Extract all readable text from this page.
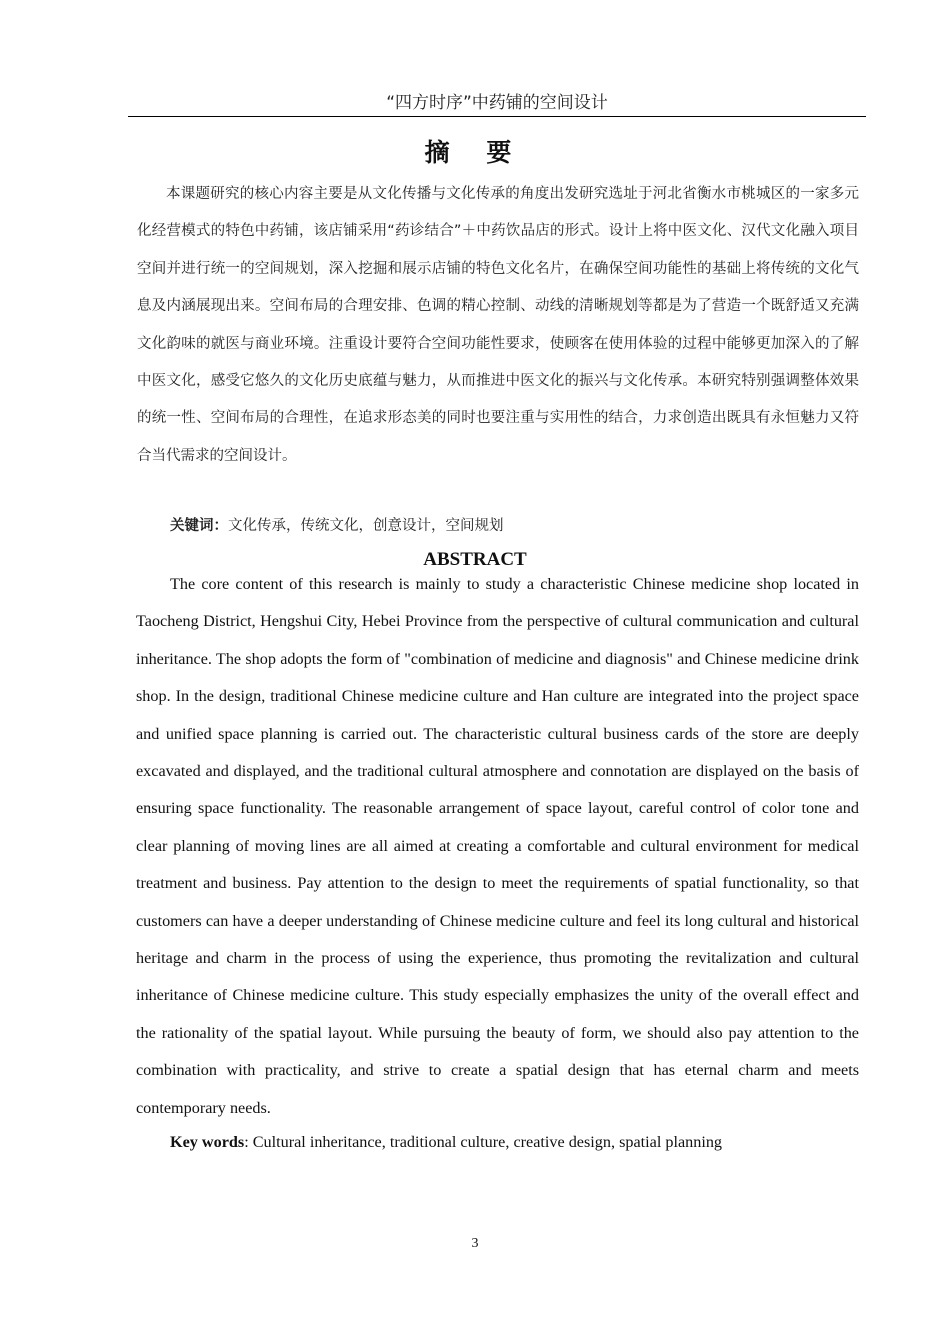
“四方时序”中药铺的空间设计
摘 要

本课题研究的核心内容主要是从文化传播与文化传承的角度出发研究选址于河北省衡水市桃城区的一家多元化经营模式的特色中药铺，该店铺采用“药诊结合”＋中药饮品店的形式。设计上将中医文化、汉代文化融入项目空间并进行统一的空间规划，深入挖掘和展示店铺的特色文化名片，在确保空间功能性的基础上将传统的文化气息及内涵展现出来。空间布局的合理安排、色调的精心控制、动线的清晰规划等都是为了营造一个既舒适又充满文化韵味的就医与商业环境。注重设计要符合空间功能性要求，使顾客在使用体验的过程中能够更加深入的了解中医文化，感受它悠久的文化历史底蕴与魅力，从而推进中医文化的振兴与文化传承。本研究特别强调整体效果的统一性、空间布局的合理性，在追求形态美的同时也要注重与实用性的结合，力求创造出既具有永恒魅力又符合当代需求的空间设计。

关键词：文化传承，传统文化，创意设计，空间规划
ABSTRACT

The core content of this research is mainly to study a characteristic Chinese medicine shop located in Taocheng District, Hengshui City, Hebei Province from the perspective of cultural communication and cultural inheritance. The shop adopts the form of "combination of medicine and diagnosis" and Chinese medicine drink shop. In the design, traditional Chinese medicine culture and Han culture are integrated into the project space and unified space planning is carried out. The characteristic cultural business cards of the store are deeply excavated and displayed, and the traditional cultural atmosphere and connotation are displayed on the basis of ensuring space functionality. The reasonable arrangement of space layout, careful control of color tone and clear planning of moving lines are all aimed at creating a comfortable and cultural environment for medical treatment and business. Pay attention to the design to meet the requirements of spatial functionality, so that customers can have a deeper understanding of Chinese medicine culture and feel its long cultural and historical heritage and charm in the process of using the experience, thus promoting the revitalization and cultural inheritance of Chinese medicine culture. This study especially emphasizes the unity of the overall effect and the rationality of the spatial layout. While pursuing the beauty of form, we should also pay attention to the combination with practicality, and strive to create a spatial design that has eternal charm and meets contemporary needs.

Key words: Cultural inheritance, traditional culture, creative design, spatial planning
3
